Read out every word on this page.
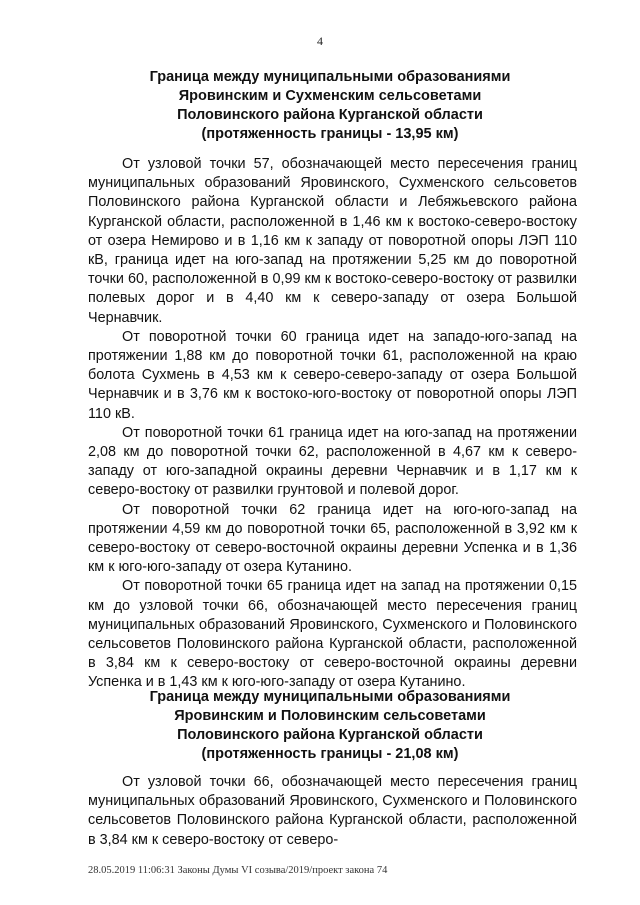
4
Граница между муниципальными образованиями
Яровинским и Сухменским сельсоветами
Половинского района Курганской области
(протяженность границы - 13,95 км)

От узловой точки 57, обозначающей место пересечения границ муниципальных образований Яровинского, Сухменского сельсоветов Половинского района Курганской области и Лебяжьевского района Курганской области, расположенной в 1,46 км к востоко-северо-востоку от озера Немирово и в 1,16 км к западу от поворотной опоры ЛЭП 110 кВ, граница идет на юго-запад на протяжении 5,25 км до поворотной точки 60, расположенной в 0,99 км к востоко-северо-востоку от развилки полевых дорог и в 4,40 км к северо-западу от озера Большой Чернавчик.

От поворотной точки 60 граница идет на западо-юго-запад на протяжении 1,88 км до поворотной точки 61, расположенной на краю болота Сухмень в 4,53 км к северо-северо-западу от озера Большой Чернавчик и в 3,76 км к востоко-юго-востоку от поворотной опоры ЛЭП 110 кВ.

От поворотной точки 61 граница идет на юго-запад на протяжении 2,08 км до поворотной точки 62, расположенной в 4,67 км к северо-западу от юго-западной окраины деревни Чернавчик и в 1,17 км к северо-востоку от развилки грунтовой и полевой дорог.

От поворотной точки 62 граница идет на юго-юго-запад на протяжении 4,59 км до поворотной точки 65, расположенной в 3,92 км к северо-востоку от северо-восточной окраины деревни Успенка и в 1,36 км к юго-юго-западу от озера Кутанино.

От поворотной точки 65 граница идет на запад на протяжении 0,15 км до узловой точки 66, обозначающей место пересечения границ муниципальных образований Яровинского, Сухменского и Половинского сельсоветов Половинского района Курганской области, расположенной в 3,84 км к северо-востоку от северо-восточной окраины деревни Успенка и в 1,43 км к юго-юго-западу от озера Кутанино.

Граница между муниципальными образованиями
Яровинским и Половинским сельсоветами
Половинского района Курганской области
(протяженность границы - 21,08 км)

От узловой точки 66, обозначающей место пересечения границ муниципальных образований Яровинского, Сухменского и Половинского сельсоветов Половинского района Курганской области, расположенной в 3,84 км к северо-востоку от северо-

28.05.2019 11:06:31 Законы Думы VI созыва/2019/проект закона 74
